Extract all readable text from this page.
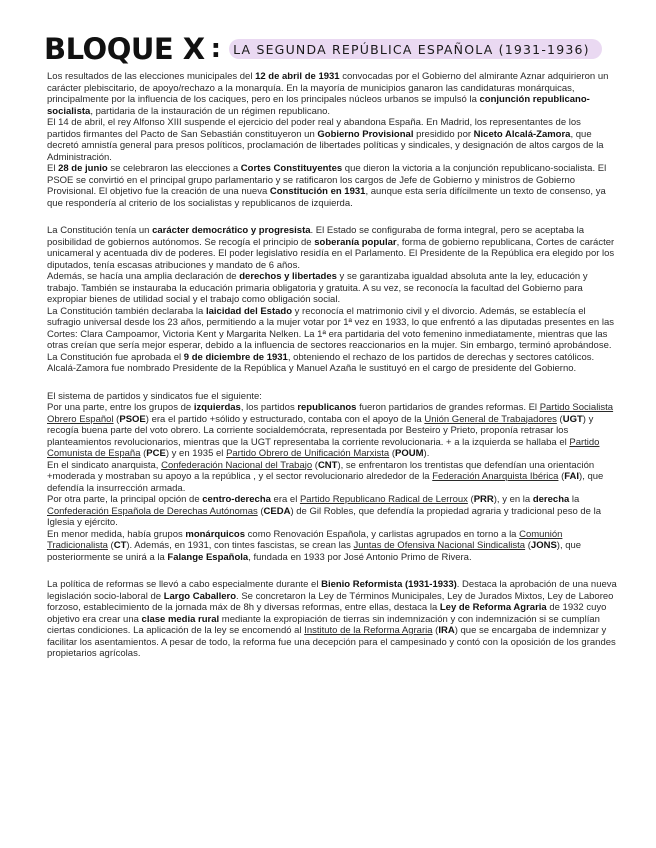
BLOQUE X : LA SEGUNDA REPÚBLICA ESPAÑOLA (1931-1936)

Los resultados de las elecciones municipales del 12 de abril de 1931 convocadas por el Gobierno del almirante Aznar adquirieron un carácter plebiscitario, de apoyo/rechazo a la monarquía. En la mayoría de municipios ganaron las candidaturas monárquicas, principalmente por la influencia de los caciques, pero en los principales núcleos urbanos se impulsó la conjunción republicano-socialista, partidaria de la instauración de un régimen republicano.

El 14 de abril, el rey Alfonso XIII suspende el ejercicio del poder real y abandona España. En Madrid, los representantes de los partidos firmantes del Pacto de San Sebastián constituyeron un Gobierno Provisional presidido por Niceto Alcalá-Zamora, que decretó amnistía general para presos políticos, proclamación de libertades políticas y sindicales, y designación de altos cargos de la Administración.

El 28 de junio se celebraron las elecciones a Cortes Constituyentes que dieron la victoria a la conjunción republicano-socialista. El PSOE se convirtió en el principal grupo parlamentario y se ratificaron los cargos de Jefe de Gobierno y ministros de Gobierno Provisional. El objetivo fue la creación de una nueva Constitución en 1931, aunque esta sería difícilmente un texto de consenso, ya que respondería al criterio de los socialistas y republicanos de izquierda.

La Constitución tenía un carácter democrático y progresista. El Estado se configuraba de forma integral, pero se aceptaba la posibilidad de gobiernos autónomos. Se recogía el principio de soberanía popular, forma de gobierno republicana, Cortes de carácter unicameral y acentuada div de poderes. El poder legislativo residía en el Parlamento. El Presidente de la República era elegido por los diputados, tenía escasas atribuciones y mandato de 6 años.

Además, se hacía una amplia declaración de derechos y libertades y se garantizaba igualdad absoluta ante la ley, educación y trabajo. También se instauraba la educación primaria obligatoria y gratuita. A su vez, se reconocía la facultad del Gobierno para expropiar bienes de utilidad social y el trabajo como obligación social.

La Constitución también declaraba la laicidad del Estado y reconocía el matrimonio civil y el divorcio. Además, se establecía el sufragio universal desde los 23 años, permitiendo a la mujer votar por 1ª vez en 1933, lo que enfrentó a las diputadas presentes en las Cortes: Clara Campoamor, Victoria Kent y Margarita Nelken. La 1ª era partidaria del voto femenino inmediatamente, mientras que las otras creían que sería mejor esperar, debido a la influencia de sectores reaccionarios en la mujer. Sin embargo, terminó aprobándose.

La Constitución fue aprobada el 9 de diciembre de 1931, obteniendo el rechazo de los partidos de derechas y sectores católicos. Alcalá-Zamora fue nombrado Presidente de la República y Manuel Azaña le sustituyó en el cargo de presidente del Gobierno.

El sistema de partidos y sindicatos fue el siguiente:

Por una parte, entre los grupos de izquierdas, los partidos republicanos fueron partidarios de grandes reformas. El Partido Socialista Obrero Español (PSOE) era el partido +sólido y estructurado, contaba con el apoyo de la Unión General de Trabajadores (UGT) y recogía buena parte del voto obrero. La corriente socialdemócrata, representada por Besteiro y Prieto, proponía retrasar los planteamientos revolucionarios, mientras que la UGT representaba la corriente revolucionaria. + a la izquierda se hallaba el Partido Comunista de España (PCE) y en 1935 el Partido Obrero de Unificación Marxista (POUM).

En el sindicato anarquista, Confederación Nacional del Trabajo (CNT), se enfrentaron los trentistas que defendían una orientación +moderada y mostraban su apoyo a la república , y el sector revolucionario alrededor de la Federación Anarquista Ibérica (FAI), que defendía la insurrección armada.

Por otra parte, la principal opción de centro-derecha era el Partido Republicano Radical de Lerroux (PRR), y en la derecha la Confederación Española de Derechas Autónomas (CEDA) de Gil Robles, que defendía la propiedad agraria y tradicional peso de la Iglesia y ejército.

En menor medida, había grupos monárquicos como Renovación Española, y carlistas agrupados en torno a la Comunión Tradicionalista (CT). Además, en 1931, con tintes fascistas, se crean las Juntas de Ofensiva Nacional Sindicalista (JONS), que posteriormente se unirá a la Falange Española, fundada en 1933 por José Antonio Primo de Rivera.

La política de reformas se llevó a cabo especialmente durante el Bienio Reformista (1931-1933). Destaca la aprobación de una nueva legislación socio-laboral de Largo Caballero. Se concretaron la Ley de Términos Municipales, Ley de Jurados Mixtos, Ley de Laboreo forzoso, establecimiento de la jornada máx de 8h y diversas reformas, entre ellas, destaca la Ley de Reforma Agraria de 1932 cuyo objetivo era crear una clase media rural mediante la expropiación de tierras sin indemnización y con indemnización si se cumplían ciertas condiciones. La aplicación de la ley se encomendó al Instituto de la Reforma Agraria (IRA) que se encargaba de indemnizar y facilitar los asentamientos. A pesar de todo, la reforma fue una decepción para el campesinado y contó con la oposición de los grandes propietarios agrícolas.
